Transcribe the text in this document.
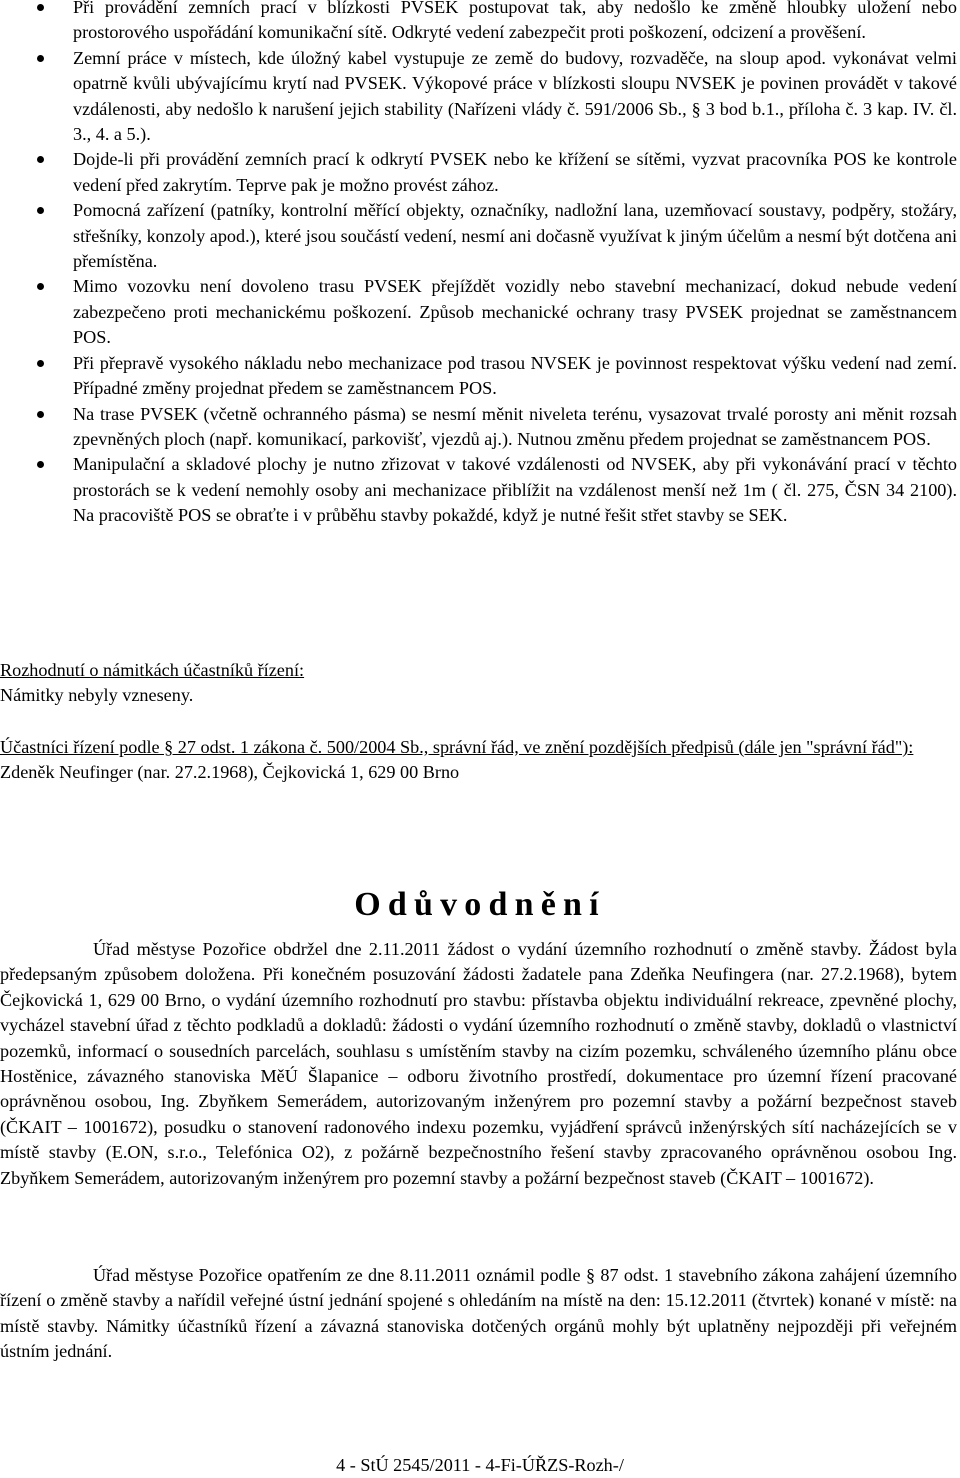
Při provádění zemních prací v blízkosti PVSEK postupovat tak, aby nedošlo ke změně hloubky uložení nebo prostorového uspořádání komunikační sítě. Odkryté vedení zabezpečit proti poškození, odcizení a prověšení.
Zemní práce v místech, kde úložný kabel vystupuje ze země do budovy, rozvaděče, na sloup apod. vykonávat velmi opatrně kvůli ubývajícímu krytí nad PVSEK. Výkopové práce v blízkosti sloupu NVSEK je povinen provádět v takové vzdálenosti, aby nedošlo k narušení jejich stability (Nařízeni vlády č. 591/2006 Sb., § 3 bod b.1., příloha č. 3 kap. IV. čl. 3., 4. a 5.).
Dojde-li při provádění zemních prací k odkrytí PVSEK nebo ke křížení se sítěmi, vyzvat pracovníka POS ke kontrole vedení před zakrytím. Teprve pak je možno provést zához.
Pomocná zařízení (patníky, kontrolní měřící objekty, označníky, nadložní lana, uzemňovací soustavy, podpěry, stožáry, střešníky, konzoly apod.), které jsou součástí vedení, nesmí ani dočasně využívat k jiným účelům a nesmí být dotčena ani přemístěna.
Mimo vozovku není dovoleno trasu PVSEK přejíždět vozidly nebo stavební mechanizací, dokud nebude vedení zabezpečeno proti mechanickému poškození. Způsob mechanické ochrany trasy PVSEK projednat se zaměstnancem POS.
Při přepravě vysokého nákladu nebo mechanizace pod trasou NVSEK je povinnost respektovat výšku vedení nad zemí. Případné změny projednat předem se zaměstnancem POS.
Na trase PVSEK (včetně ochranného pásma) se nesmí měnit niveleta terénu, vysazovat trvalé porosty ani měnit rozsah zpevněných ploch (např. komunikací, parkovišť, vjezdů aj.). Nutnou změnu předem projednat se zaměstnancem POS.
Manipulační a skladové plochy je nutno zřizovat v takové vzdálenosti od NVSEK, aby při vykonávání prací v těchto prostorách se k vedení nemohly osoby ani mechanizace přiblížit na vzdálenost menší než 1m ( čl. 275, ČSN 34 2100). Na pracoviště POS se obraťte i v průběhu stavby pokaždé, když je nutné řešit střet stavby se SEK.
Rozhodnutí o námitkách účastníků řízení:
Námitky nebyly vzneseny.
Účastníci řízení podle § 27 odst. 1 zákona č. 500/2004 Sb., správní řád, ve znění pozdějších předpisů (dále jen "správní řád"):
Zdeněk Neufinger (nar. 27.2.1968), Čejkovická 1, 629 00 Brno
Odůvodnění
Úřad městyse Pozořice obdržel dne 2.11.2011 žádost o vydání územního rozhodnutí o změně stavby. Žádost byla předepsaným způsobem doložena. Při konečném posuzování žádosti žadatele pana Zdeňka Neufingera (nar. 27.2.1968), bytem Čejkovická 1, 629 00 Brno, o vydání územního rozhodnutí pro stavbu: přístavba objektu individuální rekreace, zpevněné plochy, vycházel stavební úřad z těchto podkladů a dokladů: žádosti o vydání územního rozhodnutí o změně stavby, dokladů o vlastnictví pozemků, informací o sousedních parcelách, souhlasu s umístěním stavby na cizím pozemku, schváleného územního plánu obce Hostěnice, závazného stanoviska MěÚ Šlapanice – odboru životního prostředí, dokumentace pro územní řízení pracované oprávněnou osobou, Ing. Zbyňkem Semerádem, autorizovaným inženýrem pro pozemní stavby a požární bezpečnost staveb (ČKAIT – 1001672), posudku o stanovení radonového indexu pozemku, vyjádření správců inženýrských sítí nacházejících se v místě stavby (E.ON, s.r.o., Telefónica O2), z požárně bezpečnostního řešení stavby zpracovaného oprávněnou osobou Ing. Zbyňkem Semerádem, autorizovaným inženýrem pro pozemní stavby a požární bezpečnost staveb (ČKAIT – 1001672).
Úřad městyse Pozořice opatřením ze dne 8.11.2011 oznámil podle § 87 odst. 1 stavebního zákona zahájení územního řízení o změně stavby a nařídil veřejné ústní jednání spojené s ohledáním na místě na den: 15.12.2011 (čtvrtek) konané v místě: na místě stavby. Námitky účastníků řízení a závazná stanoviska dotčených orgánů mohly být uplatněny nejpozději při veřejném ústním jednání.
4 - StÚ 2545/2011 - 4-Fi-ÚŘZS-Rozh-/
